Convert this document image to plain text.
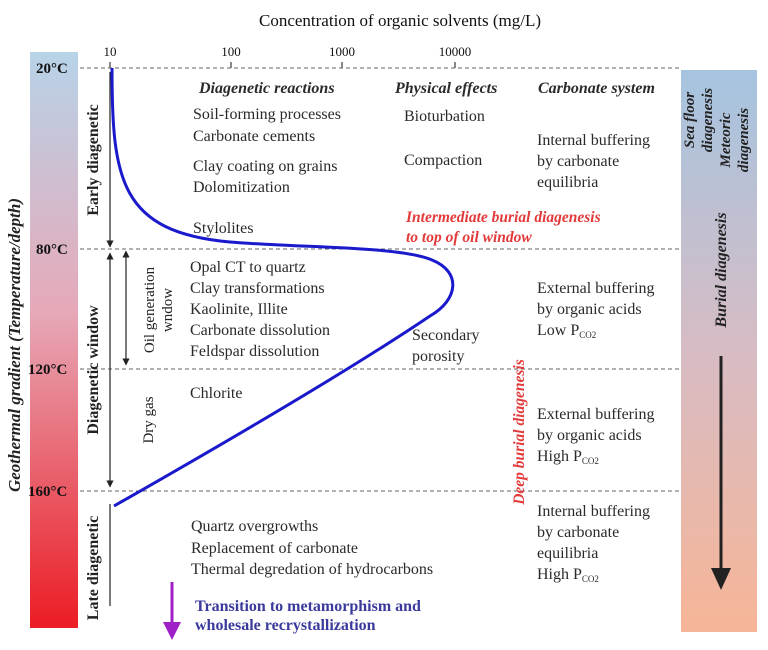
Concentration of organic solvents (mg/L)
10	100	1000	10000
20°C
80°C
120°C
160°C
Geothermal gradient (Temperature/depth)
Early diagenetic
Diagenetic window
Late diagenetic
Oil generation wndow
Dry gas
Diagenetic reactions	Physical effects	Carbonate system
Soil-forming processes
Carbonate cements
Clay coating on grains
Dolomitization
Stylolites
Opal CT to quartz
Clay transformations
Kaolinite, Illite
Carbonate dissolution
Feldspar dissolution
Chlorite
Quartz overgrowths
Replacement of carbonate
Thermal degredation of hydrocarbons
Bioturbation
Compaction
Secondary
porosity
Internal buffering
by carbonate
equilibria
External buffering
by organic acids
Low PCO2
External buffering
by organic acids
High PCO2
Internal buffering
by carbonate
equilibria
High PCO2
Intermediate burial diagenesis
to top of oil window
Deep burial diagenesis
Sea floor diagenesis Meteoric diagenesis
Burial diagenesis
Transition to metamorphism and
wholesale recrystallization
